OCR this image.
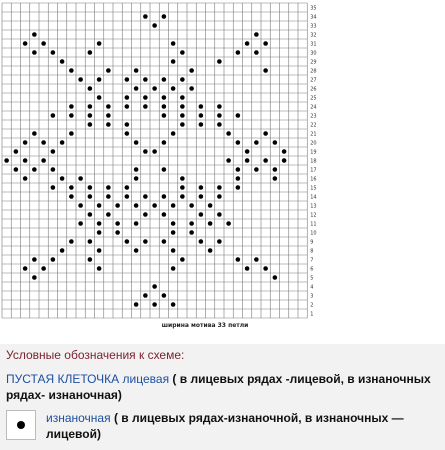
35
34
33
32
31
30
29
28
27
26
25
24
23
22
21
20
19
18
17
16
15
14
13
12
11
10
9
8
7
6
5
4
3
2
1
ширина мотива 33 петли
Условные обозначения к схеме:
ПУСТАЯ КЛЕТОЧКА лицевая ( в лицевых рядах -лицевой, в изнаночных рядах- изнаночная)
изнаночная ( в лицевых рядах-изнаночной, в изнаночных — лицевой)
